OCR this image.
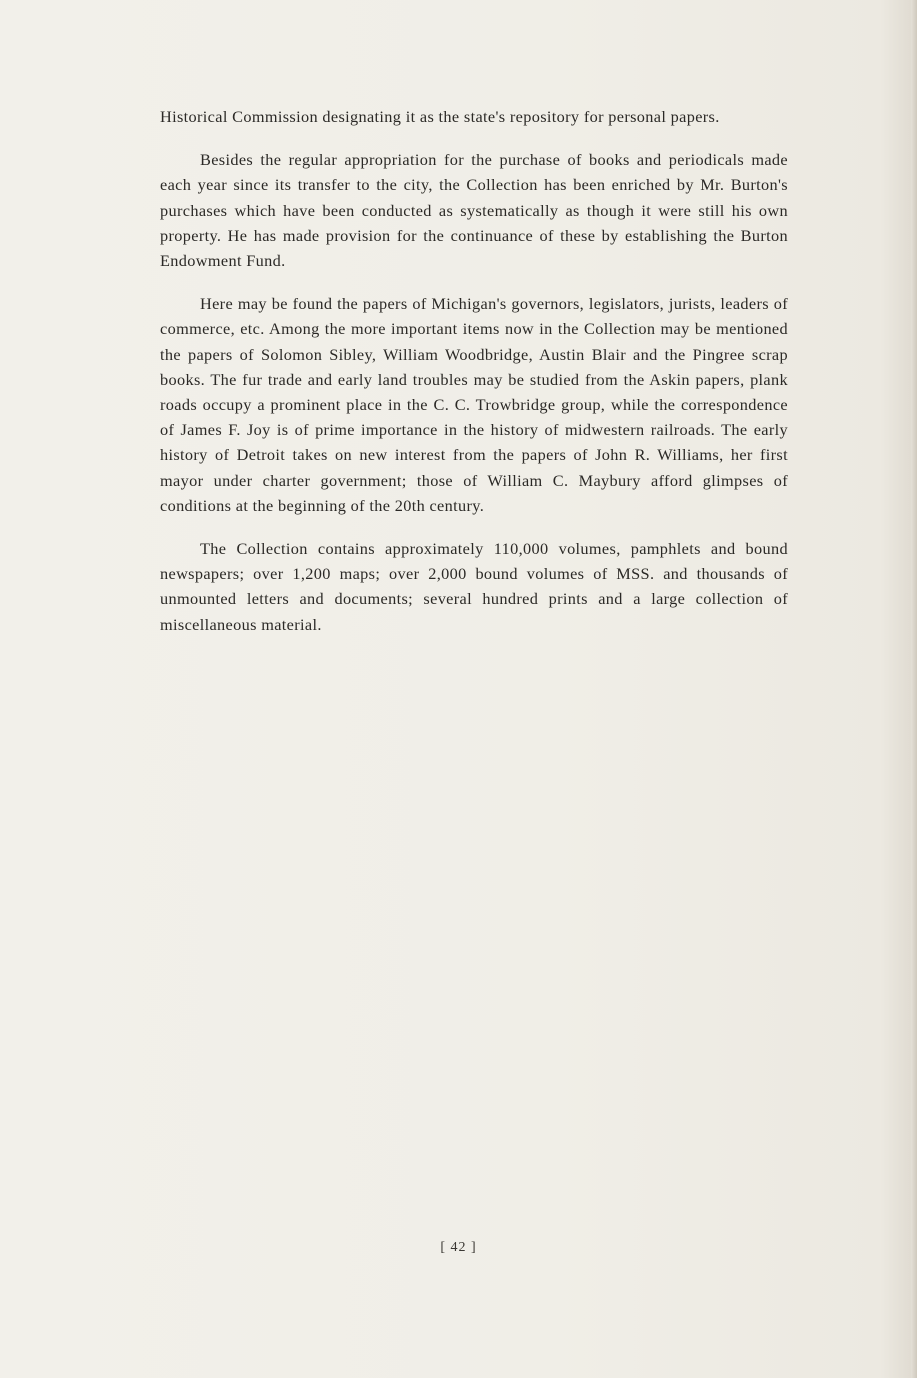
Historical Commission designating it as the state's repository for personal papers.

Besides the regular appropriation for the purchase of books and periodicals made each year since its transfer to the city, the Collection has been enriched by Mr. Burton's purchases which have been conducted as systematically as though it were still his own property. He has made provision for the continuance of these by establishing the Burton Endowment Fund.

Here may be found the papers of Michigan's governors, legislators, jurists, leaders of commerce, etc. Among the more important items now in the Collection may be mentioned the papers of Solomon Sibley, William Woodbridge, Austin Blair and the Pingree scrap books. The fur trade and early land troubles may be studied from the Askin papers, plank roads occupy a prominent place in the C. C. Trowbridge group, while the correspondence of James F. Joy is of prime importance in the history of midwestern railroads. The early history of Detroit takes on new interest from the papers of John R. Williams, her first mayor under charter government; those of William C. Maybury afford glimpses of conditions at the beginning of the 20th century.

The Collection contains approximately 110,000 volumes, pamphlets and bound newspapers; over 1,200 maps; over 2,000 bound volumes of MSS. and thousands of unmounted letters and documents; several hundred prints and a large collection of miscellaneous material.

[ 42 ]
